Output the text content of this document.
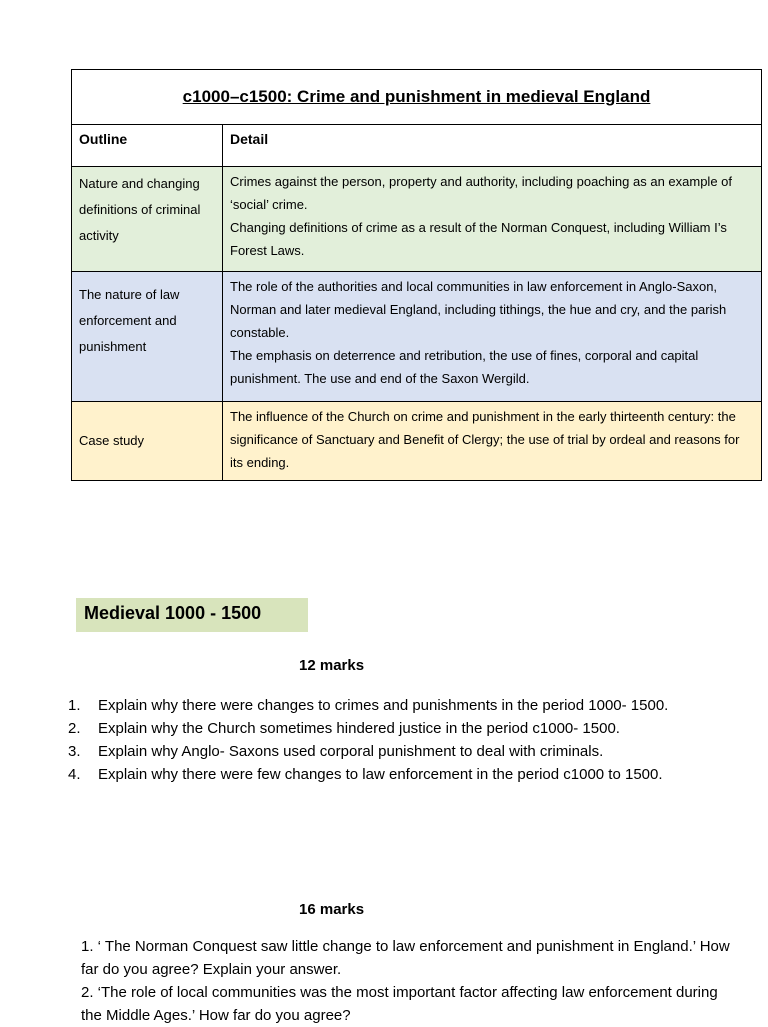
c1000–c1500: Crime and punishment in medieval England	
Outline	Detail
Nature and changing definitions of criminal activity	Crimes against the person, property and authority, including poaching as an example of ‘social’ crime.
Changing definitions of crime as a result of the Norman Conquest, including William I’s Forest Laws.

The nature of law enforcement and punishment	The role of the authorities and local communities in law enforcement in Anglo-Saxon, Norman and later medieval England, including tithings, the hue and cry, and the parish constable.
The emphasis on deterrence and retribution, the use of fines, corporal and capital punishment. The use and end of the Saxon Wergild.

Case study	The influence of the Church on crime and punishment in the early thirteenth century: the significance of Sanctuary and Benefit of Clergy; the use of trial by ordeal and reasons for its ending.
Medieval 1000 - 1500
12 marks
1. Explain why there were changes to crimes and punishments in the period 1000- 1500.
2. Explain why the Church sometimes hindered justice in the period c1000- 1500.
3. Explain why Anglo- Saxons used corporal punishment to deal with criminals.
4. Explain why there were few changes to law enforcement in the period c1000 to 1500.
16 marks

1. ‘ The Norman Conquest saw little change to law enforcement and punishment in England.’ How far do you agree? Explain your answer.

2. ‘The role of local communities was the most important factor affecting law enforcement during the Middle Ages.’ How far do you agree?
